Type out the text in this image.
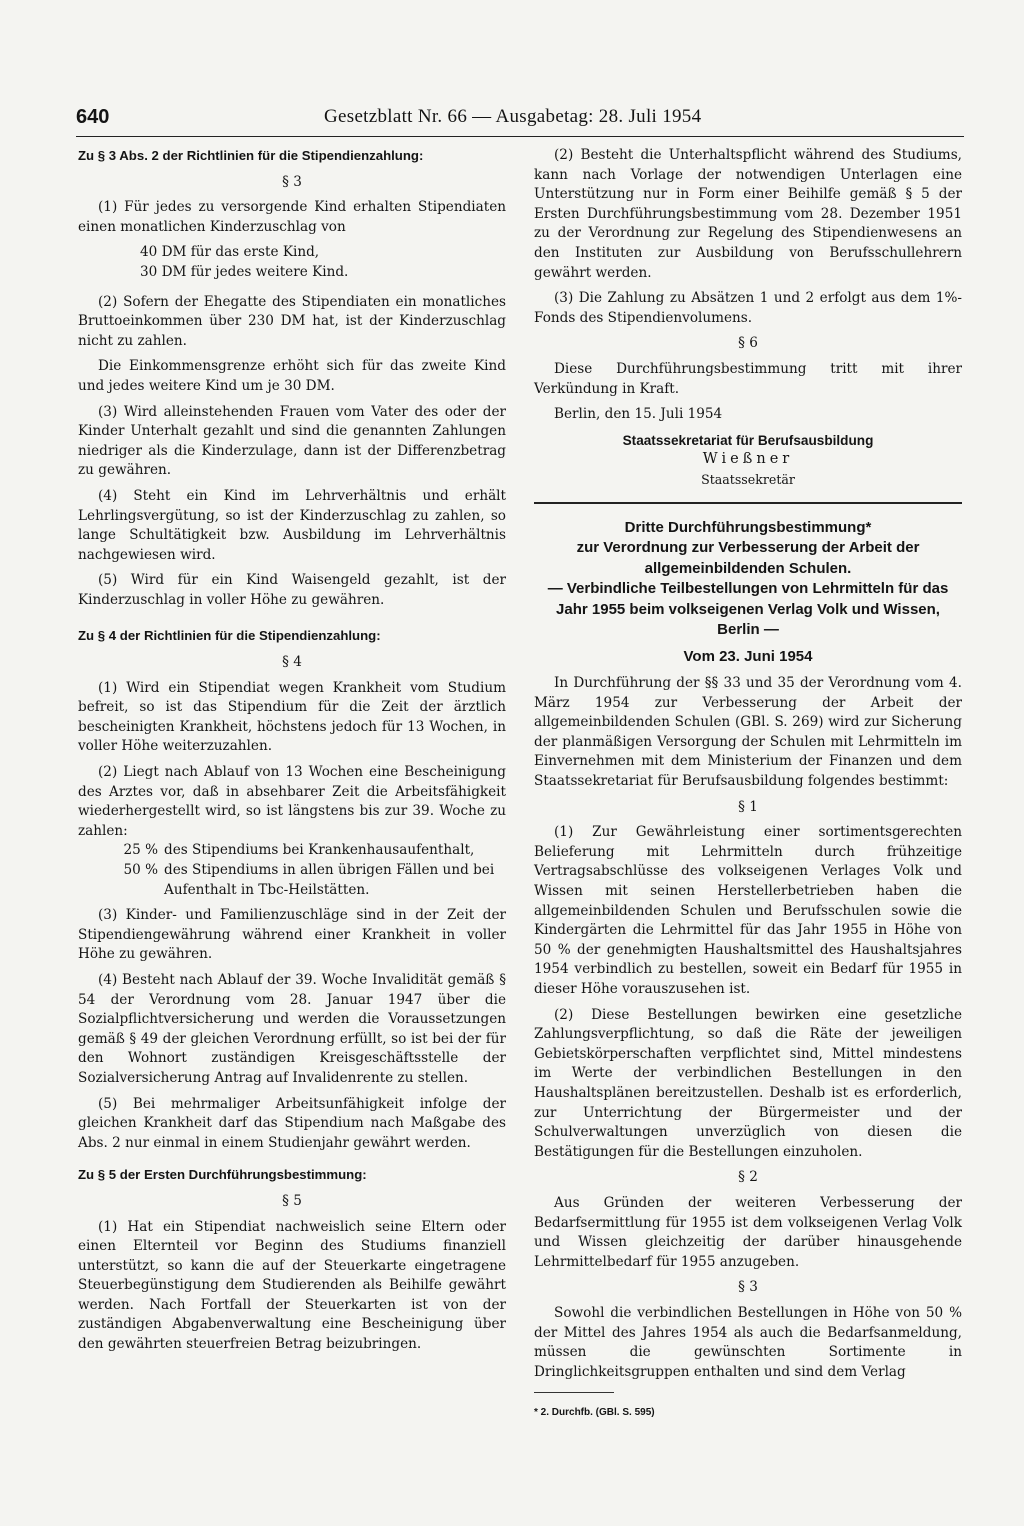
640	Gesetzblatt Nr. 66 — Ausgabetag: 28. Juli 1954

Zu § 3 Abs. 2 der Richtlinien für die Stipendienzahlung:

§ 3

(1) Für jedes zu versorgende Kind erhalten Stipendiaten einen monatlichen Kinderzuschlag von

40 DM für das erste Kind,

30 DM für jedes weitere Kind.

(2) Sofern der Ehegatte des Stipendiaten ein monatliches Bruttoeinkommen über 230 DM hat, ist der Kinderzuschlag nicht zu zahlen.

Die Einkommensgrenze erhöht sich für das zweite Kind und jedes weitere Kind um je 30 DM.

(3) Wird alleinstehenden Frauen vom Vater des oder der Kinder Unterhalt gezahlt und sind die genannten Zahlungen niedriger als die Kinderzulage, dann ist der Differenzbetrag zu gewähren.

(4) Steht ein Kind im Lehrverhältnis und erhält Lehrlingsvergütung, so ist der Kinderzuschlag zu zahlen, so lange Schultätigkeit bzw. Ausbildung im Lehrverhältnis nachgewiesen wird.

(5) Wird für ein Kind Waisengeld gezahlt, ist der Kinderzuschlag in voller Höhe zu gewähren.

Zu § 4 der Richtlinien für die Stipendienzahlung:

§ 4

(1) Wird ein Stipendiat wegen Krankheit vom Studium befreit, so ist das Stipendium für die Zeit der ärztlich bescheinigten Krankheit, höchstens jedoch für 13 Wochen, in voller Höhe weiterzuzahlen.

(2) Liegt nach Ablauf von 13 Wochen eine Bescheinigung des Arztes vor, daß in absehbarer Zeit die Arbeitsfähigkeit wiederhergestellt wird, so ist längstens bis zur 39. Woche zu zahlen:

25 % des Stipendiums bei Krankenhausaufenthalt,
50 % des Stipendiums in allen übrigen Fällen und bei Aufenthalt in Tbc-Heilstätten.

(3) Kinder- und Familienzuschläge sind in der Zeit der Stipendiengewährung während einer Krankheit in voller Höhe zu gewähren.

(4) Besteht nach Ablauf der 39. Woche Invalidität gemäß § 54 der Verordnung vom 28. Januar 1947 über die Sozialpflichtversicherung und werden die Voraussetzungen gemäß § 49 der gleichen Verordnung erfüllt, so ist bei der für den Wohnort zuständigen Kreisgeschäftsstelle der Sozialversicherung Antrag auf Invalidenrente zu stellen.

(5) Bei mehrmaliger Arbeitsunfähigkeit infolge der gleichen Krankheit darf das Stipendium nach Maßgabe des Abs. 2 nur einmal in einem Studienjahr gewährt werden.

Zu § 5 der Ersten Durchführungsbestimmung:

§ 5

(1) Hat ein Stipendiat nachweislich seine Eltern oder einen Elternteil vor Beginn des Studiums finanziell unterstützt, so kann die auf der Steuerkarte eingetragene Steuerbegünstigung dem Studierenden als Beihilfe gewährt werden. Nach Fortfall der Steuerkarten ist von der zuständigen Abgabenverwaltung eine Bescheinigung über den gewährten steuerfreien Betrag beizubringen.

(2) Besteht die Unterhaltspflicht während des Studiums, kann nach Vorlage der notwendigen Unterlagen eine Unterstützung nur in Form einer Beihilfe gemäß § 5 der Ersten Durchführungsbestimmung vom 28. Dezember 1951 zu der Verordnung zur Regelung des Stipendienwesens an den Instituten zur Ausbildung von Berufsschullehrern gewährt werden.

(3) Die Zahlung zu Absätzen 1 und 2 erfolgt aus dem 1%-Fonds des Stipendienvolumens.

§ 6

Diese Durchführungsbestimmung tritt mit ihrer Verkündung in Kraft.

Berlin, den 15. Juli 1954

Staatssekretariat für Berufsausbildung

Wießner

Staatssekretär

Dritte Durchführungsbestimmung*

zur Verordnung zur Verbesserung der Arbeit der allgemeinbildenden Schulen.

— Verbindliche Teilbestellungen von Lehrmitteln für das Jahr 1955 beim volkseigenen Verlag Volk und Wissen, Berlin —

Vom 23. Juni 1954

In Durchführung der §§ 33 und 35 der Verordnung vom 4. März 1954 zur Verbesserung der Arbeit der allgemeinbildenden Schulen (GBl. S. 269) wird zur Sicherung der planmäßigen Versorgung der Schulen mit Lehrmitteln im Einvernehmen mit dem Ministerium der Finanzen und dem Staatssekretariat für Berufsausbildung folgendes bestimmt:

§ 1

(1) Zur Gewährleistung einer sortimentsgerechten Belieferung mit Lehrmitteln durch frühzeitige Vertragsabschlüsse des volkseigenen Verlages Volk und Wissen mit seinen Herstellerbetrieben haben die allgemeinbildenden Schulen und Berufsschulen sowie die Kindergärten die Lehrmittel für das Jahr 1955 in Höhe von 50 % der genehmigten Haushaltsmittel des Haushaltsjahres 1954 verbindlich zu bestellen, soweit ein Bedarf für 1955 in dieser Höhe vorauszusehen ist.

(2) Diese Bestellungen bewirken eine gesetzliche Zahlungsverpflichtung, so daß die Räte der jeweiligen Gebietskörperschaften verpflichtet sind, Mittel mindestens im Werte der verbindlichen Bestellungen in den Haushaltsplänen bereitzustellen. Deshalb ist es erforderlich, zur Unterrichtung der Bürgermeister und der Schulverwaltungen unverzüglich von diesen die Bestätigungen für die Bestellungen einzuholen.

§ 2

Aus Gründen der weiteren Verbesserung der Bedarfsermittlung für 1955 ist dem volkseigenen Verlag Volk und Wissen gleichzeitig der darüber hinausgehende Lehrmittelbedarf für 1955 anzugeben.

§ 3

Sowohl die verbindlichen Bestellungen in Höhe von 50 % der Mittel des Jahres 1954 als auch die Bedarfsanmeldung, müssen die gewünschten Sortimente in Dringlichkeitsgruppen enthalten und sind dem Verlag

* 2. Durchfb. (GBl. S. 595)
